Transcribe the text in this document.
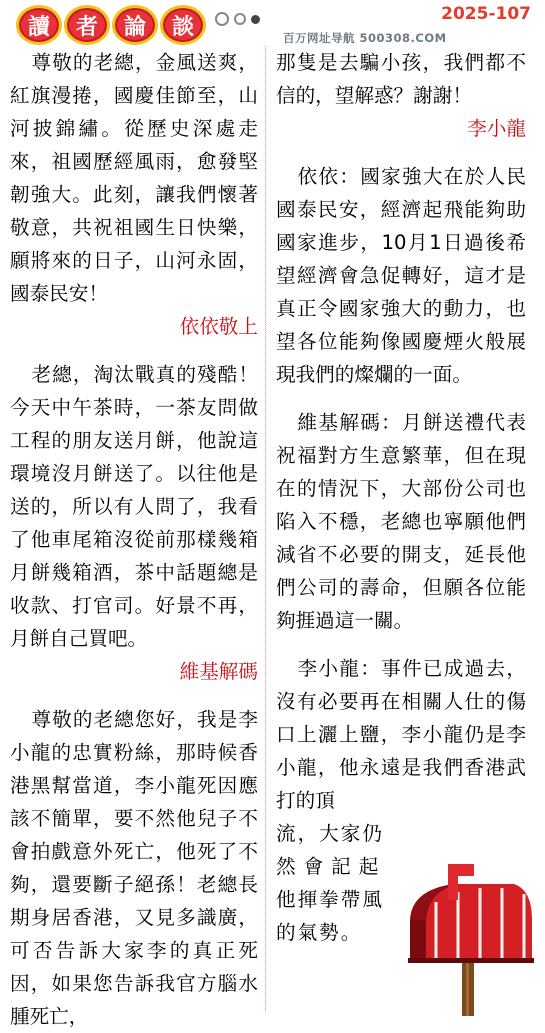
讀	者	論	談
2025-107
百万网址导航 500308.COM

尊敬的老總，金風送爽，紅旗漫捲，國慶佳節至，山河披錦繡。從歷史深處走來，祖國歷經風雨，愈發堅韌強大。此刻，讓我們懷著敬意，共祝祖國生日快樂，願將來的日子，山河永固，國泰民安！

依依敬上

老總，淘汰戰真的殘酷！今天中午茶時，一茶友問做工程的朋友送月餅，他說這環境沒月餅送了。以往他是送的，所以有人問了，我看了他車尾箱沒從前那樣幾箱月餅幾箱酒，茶中話題總是收款、打官司。好景不再，月餅自己買吧。

維基解碼

尊敬的老總您好，我是李小龍的忠實粉絲，那時候香港黑幫當道，李小龍死因應該不簡單，要不然他兒子不會拍戲意外死亡，他死了不夠，還要斷子絕孫！老總長期身居香港，又見多識廣，可否告訴大家李的真正死因，如果您告訴我官方腦水腫死亡，

那隻是去騙小孩，我們都不信的，望解惑？謝謝！

李小龍

依依：國家強大在於人民國泰民安，經濟起飛能夠助國家進步，10月1日過後希望經濟會急促轉好，這才是真正令國家強大的動力，也望各位能夠像國慶煙火般展現我們的燦爛的一面。

維基解碼：月餅送禮代表祝福對方生意繁華，但在現在的情況下，大部份公司也陷入不穩，老總也寧願他們減省不必要的開支，延長他們公司的壽命，但願各位能夠捱過這一關。

李小龍：事件已成過去，沒有必要再在相關人仕的傷口上灑上鹽，李小龍仍是李小龍，他永遠是我們香港武打的頂

流，大家仍
然會記起
他揮拳帶風
的氣勢。
